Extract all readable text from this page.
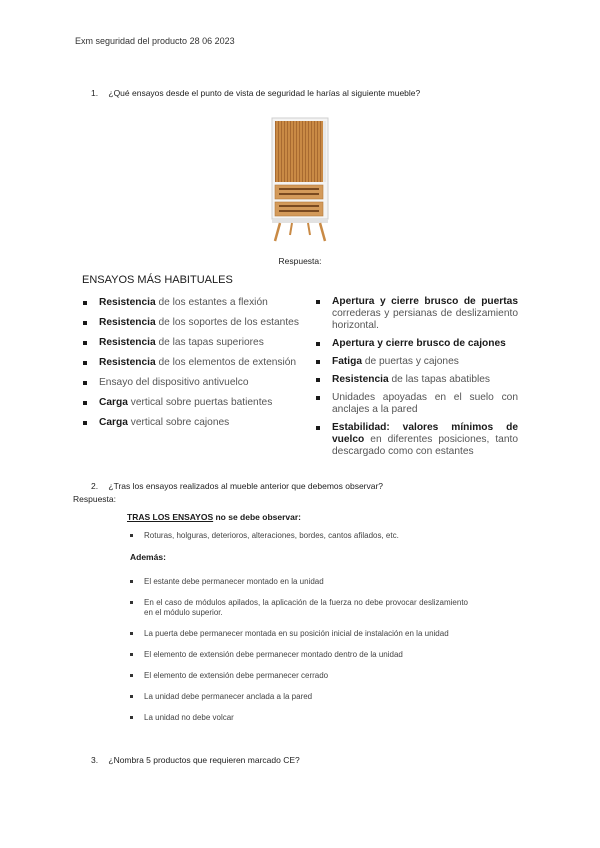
Exm seguridad del producto 28 06 2023
1. ¿Qué ensayos desde el punto de vista de seguridad le harías al siguiente mueble?
Respuesta:
ENSAYOS MÁS HABITUALES
Resistencia de los estantes a flexión
Resistencia de los soportes de los estantes
Resistencia de las tapas superiores
Resistencia de los elementos de extensión
Ensayo del dispositivo antivuelco
Carga vertical sobre puertas batientes
Carga vertical sobre cajones
Apertura y cierre brusco de puertas correderas y persianas de deslizamiento horizontal.
Apertura y cierre brusco de cajones
Fatiga de puertas y cajones
Resistencia de las tapas abatibles
Unidades apoyadas en el suelo con anclajes a la pared
Estabilidad: valores mínimos de vuelco en diferentes posiciones, tanto descargado como con estantes
2. ¿Tras los ensayos realizados al mueble anterior que debemos observar?
Respuesta:
TRAS LOS ENSAYOS no se debe observar:
Roturas, holguras, deterioros, alteraciones, bordes, cantos afilados, etc.
Además:
El estante debe permanecer montado en la unidad
En el caso de módulos apilados, la aplicación de la fuerza no debe provocar deslizamiento en el módulo superior.
La puerta debe permanecer montada en su posición inicial de instalación en la unidad
El elemento de extensión debe permanecer montado dentro de la unidad
El elemento de extensión debe permanecer cerrado
La unidad debe permanecer anclada a la pared
La unidad no debe volcar
3. ¿Nombra 5 productos que requieren marcado CE?
